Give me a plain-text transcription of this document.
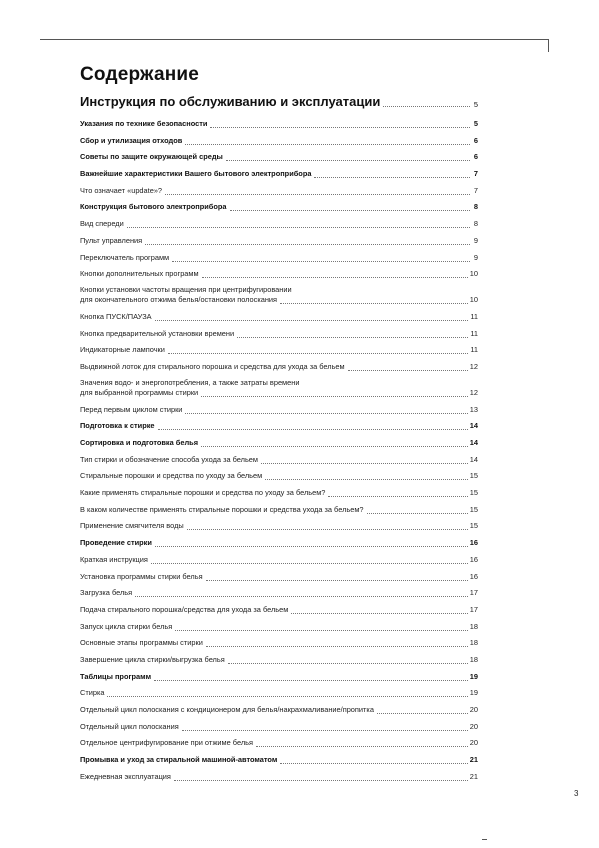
Содержание
Инструкция по обслуживанию и эксплуатации	5
Указания по технике безопасности	5
Сбор и утилизация отходов	6
Советы по защите окружающей среды	6
Важнейшие характеристики Вашего бытового электроприбора	7
Что означает «update»?	7
Конструкция бытового электроприбора	8
Вид спереди	8
Пульт управления	9
Переключатель программ	9
Кнопки дополнительных программ	10
Кнопки установки частоты вращения при центрифугировании
для окончательного отжима белья/остановки полоскания	10
Кнопка ПУСК/ПАУЗА	11
Кнопка предварительной установки времени	11
Индикаторные лампочки	11
Выдвижной лоток для стирального порошка и средства для ухода за бельем	12
Значения водо- и энергопотребления, а также затраты времени
для выбранной программы стирки	12
Перед первым циклом стирки	13
Подготовка к стирке	14
Сортировка и подготовка белья	14
Тип стирки и обозначение способа ухода за бельем	14
Стиральные порошки и средства по уходу за бельем	15
Какие применять стиральные порошки и средства по уходу за бельем?	15
В каком количестве применять стиральные порошки и средства ухода за бельем?	15
Применение смягчителя воды	15
Проведение стирки	16
Краткая инструкция	16
Установка программы стирки белья	16
Загрузка белья	17
Подача стирального порошка/средства для ухода за бельем	17
Запуск цикла стирки белья	18
Основные этапы программы стирки	18
Завершение цикла стирки/выгрузка белья	18
Таблицы программ	19
Стирка	19
Отдельный цикл полоскания с кондиционером для белья/накрахмаливание/пропитка	20
Отдельный цикл полоскания	20
Отдельное центрифугирование при отжиме белья	20
Промывка и уход за стиральной машиной-автоматом	21
Ежедневная эксплуатация	21
3
